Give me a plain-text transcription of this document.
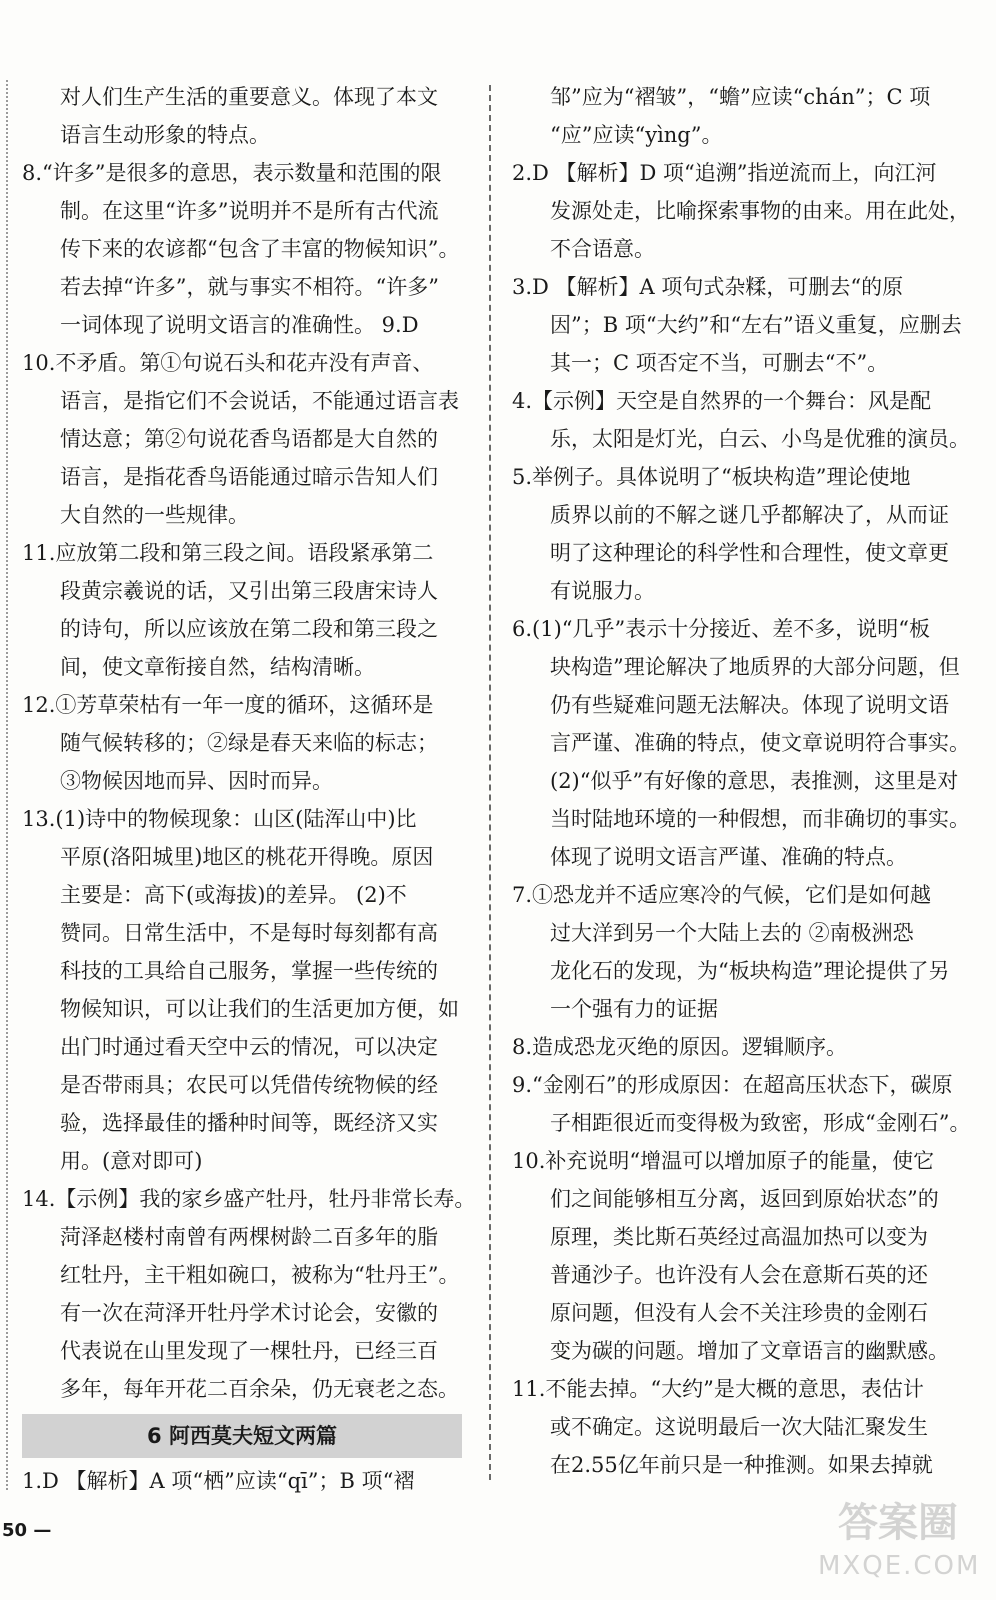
对人们生产生活的重要意义。体现了本文
语言生动形象的特点。
8.“许多”是很多的意思，表示数量和范围的限
制。在这里“许多”说明并不是所有古代流
传下来的农谚都“包含了丰富的物候知识”。
若去掉“许多”，就与事实不相符。“许多”
一词体现了说明文语言的准确性。 9.D
10.不矛盾。第①句说石头和花卉没有声音、
语言，是指它们不会说话，不能通过语言表
情达意；第②句说花香鸟语都是大自然的
语言，是指花香鸟语能通过暗示告知人们
大自然的一些规律。
11.应放第二段和第三段之间。语段紧承第二
段黄宗羲说的话，又引出第三段唐宋诗人
的诗句，所以应该放在第二段和第三段之
间，使文章衔接自然，结构清晰。
12.①芳草荣枯有一年一度的循环，这循环是
随气候转移的；②绿是春天来临的标志；
③物候因地而异、因时而异。
13.(1)诗中的物候现象：山区(陆浑山中)比
平原(洛阳城里)地区的桃花开得晚。原因
主要是：高下(或海拔)的差异。 (2)不
赞同。日常生活中，不是每时每刻都有高
科技的工具给自己服务，掌握一些传统的
物候知识，可以让我们的生活更加方便，如
出门时通过看天空中云的情况，可以决定
是否带雨具；农民可以凭借传统物候的经
验，选择最佳的播种时间等，既经济又实
用。(意对即可)
14.【示例】我的家乡盛产牡丹，牡丹非常长寿。
菏泽赵楼村南曾有两棵树龄二百多年的脂
红牡丹，主干粗如碗口，被称为“牡丹王”。
有一次在菏泽开牡丹学术讨论会，安徽的
代表说在山里发现了一棵牡丹，已经三百
多年，每年开花二百余朵，仍无衰老之态。
6 阿西莫夫短文两篇
1.D 【解析】A 项“栖”应读“qī”；B 项“褶
邹”应为“褶皱”，“蟾”应读“chán”；C 项
“应”应读“yìng”。
2.D 【解析】D 项“追溯”指逆流而上，向江河
发源处走，比喻探索事物的由来。用在此处，
不合语意。
3.D 【解析】A 项句式杂糅，可删去“的原
因”；B 项“大约”和“左右”语义重复，应删去
其一；C 项否定不当，可删去“不”。
4.【示例】天空是自然界的一个舞台：风是配
乐，太阳是灯光，白云、小鸟是优雅的演员。
5.举例子。具体说明了“板块构造”理论使地
质界以前的不解之谜几乎都解决了，从而证
明了这种理论的科学性和合理性，使文章更
有说服力。
6.(1)“几乎”表示十分接近、差不多，说明“板
块构造”理论解决了地质界的大部分问题，但
仍有些疑难问题无法解决。体现了说明文语
言严谨、准确的特点，使文章说明符合事实。
(2)“似乎”有好像的意思，表推测，这里是对
当时陆地环境的一种假想，而非确切的事实。
体现了说明文语言严谨、准确的特点。
7.①恐龙并不适应寒冷的气候，它们是如何越
过大洋到另一个大陆上去的 ②南极洲恐
龙化石的发现，为“板块构造”理论提供了另
一个强有力的证据
8.造成恐龙灭绝的原因。逻辑顺序。
9.“金刚石”的形成原因：在超高压状态下，碳原
子相距很近而变得极为致密，形成“金刚石”。
10.补充说明“增温可以增加原子的能量，使它
们之间能够相互分离，返回到原始状态”的
原理，类比斯石英经过高温加热可以变为
普通沙子。也许没有人会在意斯石英的还
原问题，但没有人会不关注珍贵的金刚石
变为碳的问题。增加了文章语言的幽默感。
11.不能去掉。“大约”是大概的意思，表估计
或不确定。这说明最后一次大陆汇聚发生
在2.55亿年前只是一种推测。如果去掉就
50 —	答案圈
MXQE.COM
